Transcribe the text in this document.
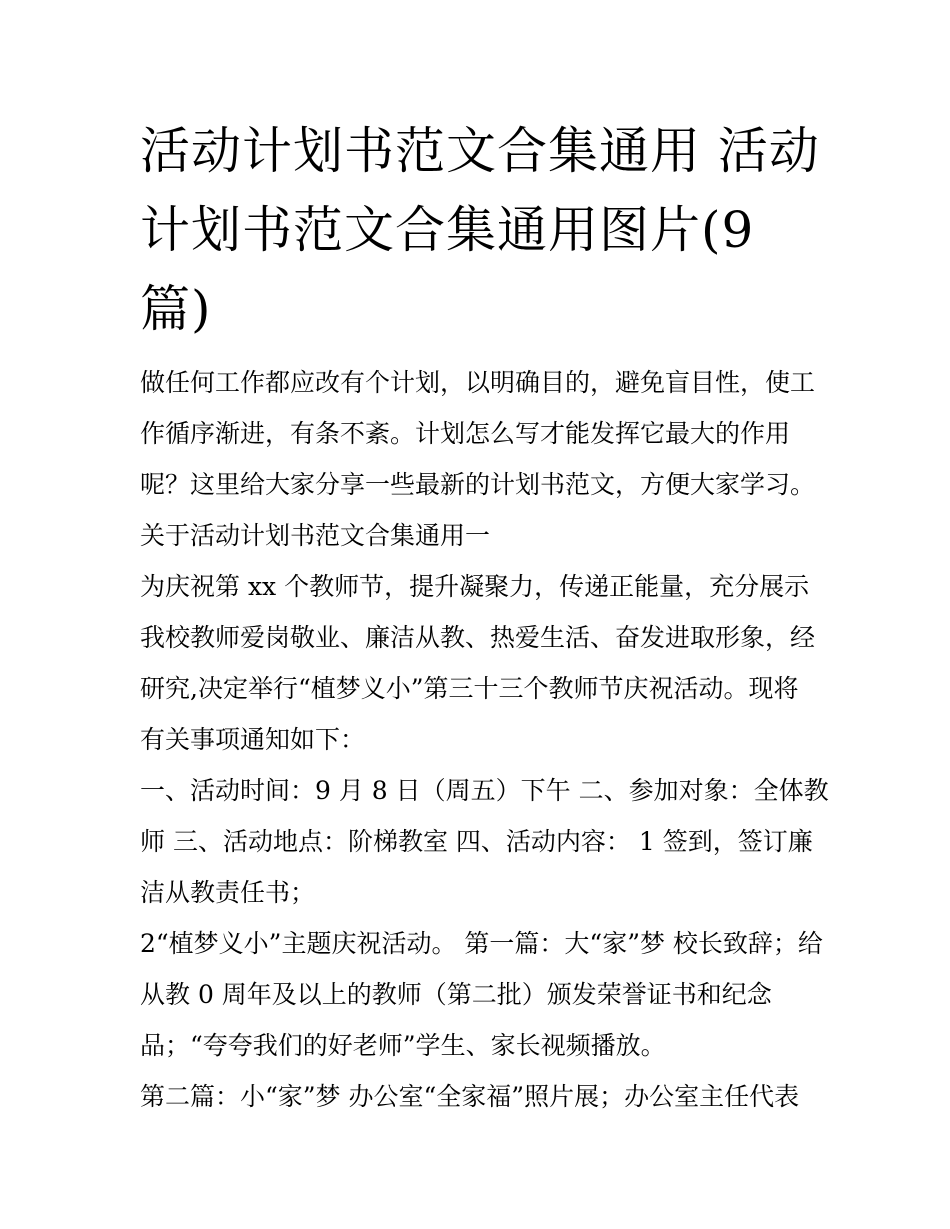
活动计划书范文合集通用 活动
计划书范文合集通用图片(9
篇)
做任何工作都应改有个计划，以明确目的，避免盲目性，使工
作循序渐进，有条不紊。计划怎么写才能发挥它最大的作用
呢？这里给大家分享一些最新的计划书范文，方便大家学习。
关于活动计划书范文合集通用一
为庆祝第 xx 个教师节，提升凝聚力，传递正能量，充分展示
我校教师爱岗敬业、廉洁从教、热爱生活、奋发进取形象，经
研究,决定举行“植梦义小”第三十三个教师节庆祝活动。现将
有关事项通知如下：
一、活动时间：9 月 8 日（周五）下午 二、参加对象：全体教
师 三、活动地点：阶梯教室 四、活动内容： 1 签到，签订廉
洁从教责任书；
2“植梦义小”主题庆祝活动。 第一篇：大“家”梦 校长致辞；给
从教 0 周年及以上的教师（第二批）颁发荣誉证书和纪念
品；“夸夸我们的好老师”学生、家长视频播放。
第二篇：小“家”梦 办公室“全家福”照片展；办公室主任代表
